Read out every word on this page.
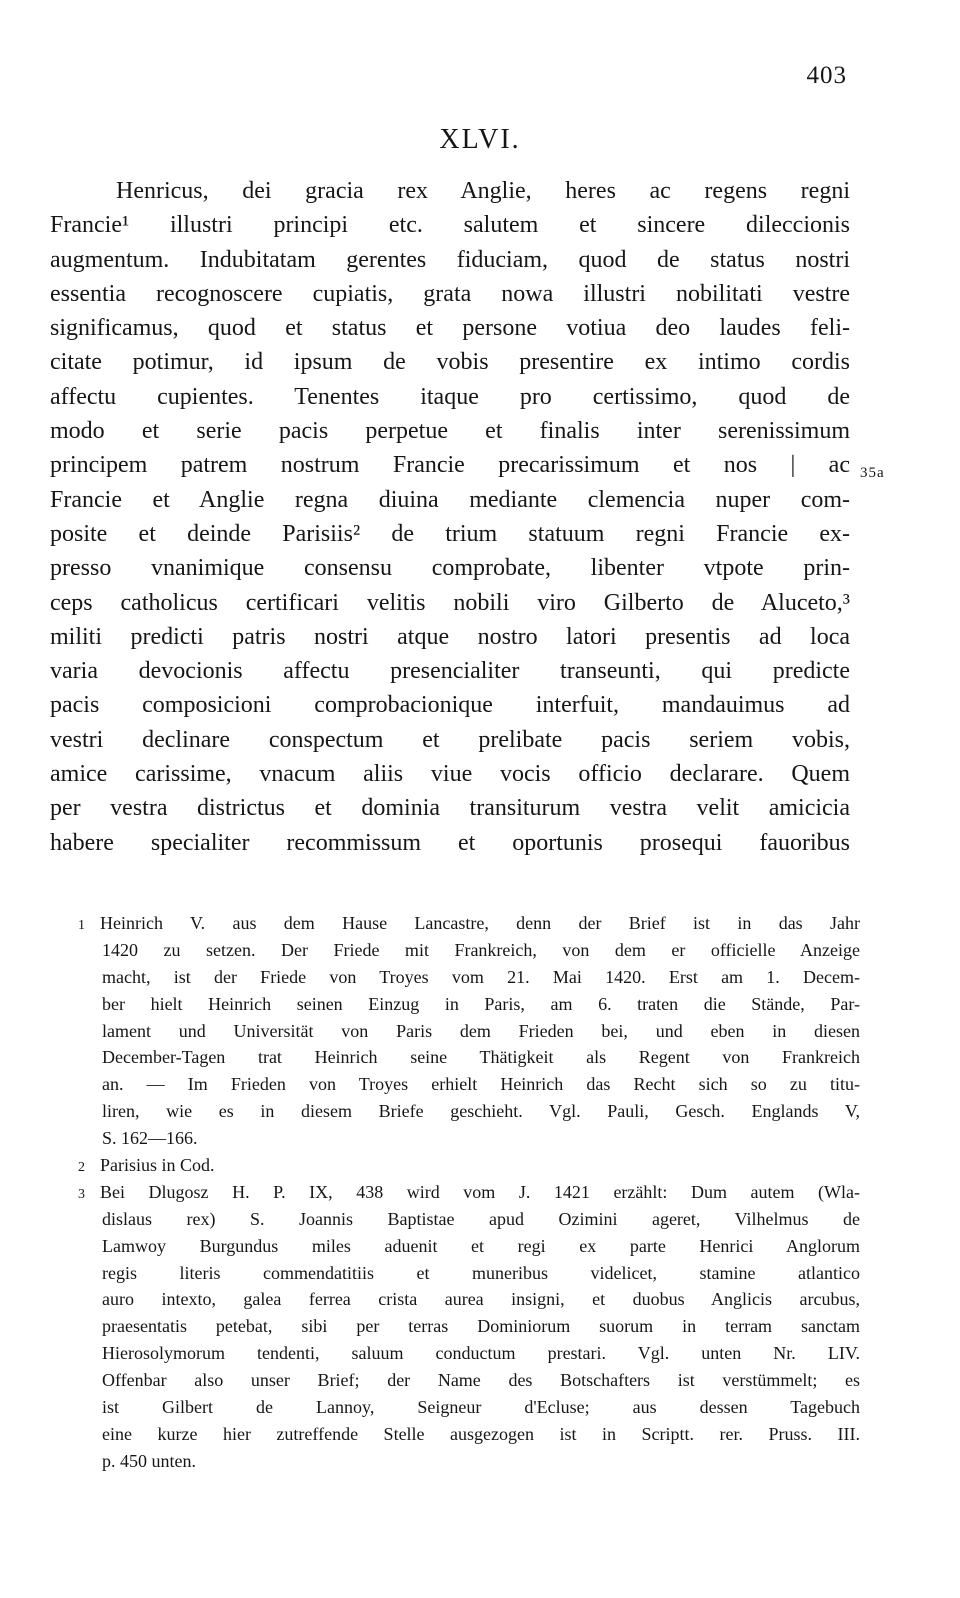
403
XLVI.
Henricus, dei gracia rex Anglie, heres ac regens regni
Francie¹ illustri principi etc. salutem et sincere dileccionis
augmentum. Indubitatam gerentes fiduciam, quod de status nostri
essentia recognoscere cupiatis, grata nowa illustri nobilitati vestre
significamus, quod et status et persone votiua deo laudes feli-
citate potimur, id ipsum de vobis presentire ex intimo cordis
affectu cupientes. Tenentes itaque pro certissimo, quod de
modo et serie pacis perpetue et finalis inter serenissimum
principem patrem nostrum Francie precarissimum et nos | ac
Francie et Anglie regna diuina mediante clemencia nuper com-
posite et deinde Parisiis² de trium statuum regni Francie ex-
presso vnanimique consensu comprobate, libenter vtpote prin-
ceps catholicus certificari velitis nobili viro Gilberto de Aluceto,³
militi predicti patris nostri atque nostro latori presentis ad loca
varia devocionis affectu presencialiter transeunti, qui predicte
pacis composicioni comprobacionique interfuit, mandauimus ad
vestri declinare conspectum et prelibate pacis seriem vobis,
amice carissime, vnacum aliis viue vocis officio declarare. Quem
per vestra districtus et dominia transiturum vestra velit amicicia
habere specialiter recommissum et oportunis prosequi fauoribus
35a
1 Heinrich V. aus dem Hause Lancastre, denn der Brief ist in das Jahr
1420 zu setzen. Der Friede mit Frankreich, von dem er officielle Anzeige
macht, ist der Friede von Troyes vom 21. Mai 1420. Erst am 1. Decem-
ber hielt Heinrich seinen Einzug in Paris, am 6. traten die Stände, Par-
lament und Universität von Paris dem Frieden bei, und eben in diesen
December-Tagen trat Heinrich seine Thätigkeit als Regent von Frankreich
an. — Im Frieden von Troyes erhielt Heinrich das Recht sich so zu titu-
liren, wie es in diesem Briefe geschieht. Vgl. Pauli, Gesch. Englands V,
S. 162—166.
2 Parisius in Cod.
3 Bei Dlugosz H. P. IX, 438 wird vom J. 1421 erzählt: Dum autem (Wla-
dislaus rex) S. Joannis Baptistae apud Ozimini ageret, Vilhelmus de
Lamwoy Burgundus miles aduenit et regi ex parte Henrici Anglorum
regis literis commendatitiis et muneribus videlicet, stamine atlantico
auro intexto, galea ferrea crista aurea insigni, et duobus Anglicis arcubus,
praesentatis petebat, sibi per terras Dominiorum suorum in terram sanctam
Hierosolymorum tendenti, saluum conductum prestari. Vgl. unten Nr. LIV.
Offenbar also unser Brief; der Name des Botschafters ist verstümmelt; es
ist Gilbert de Lannoy, Seigneur d'Ecluse; aus dessen Tagebuch
eine kurze hier zutreffende Stelle ausgezogen ist in Scriptt. rer. Pruss. III.
p. 450 unten.
